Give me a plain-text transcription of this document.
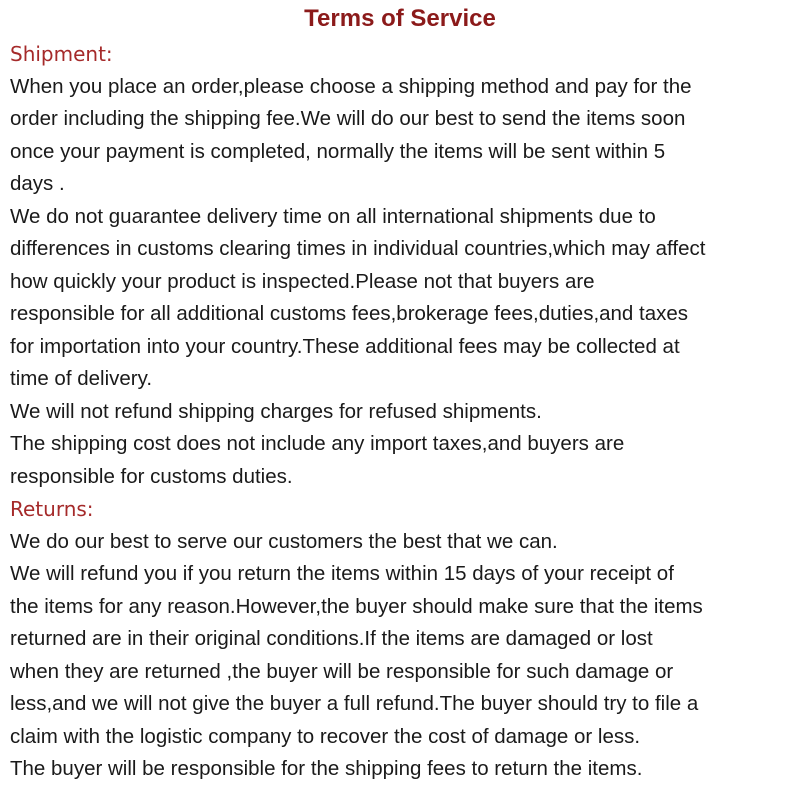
Terms of Service
Shipment:
When you place an order,please choose a shipping method and pay for the
order including the shipping fee.We will do our best to send the items soon
once your payment is completed, normally the items will be sent within 5
days .
We do not guarantee delivery time on all international shipments due to
differences in customs clearing times in individual countries,which may affect
how quickly your product is inspected.Please not that buyers are
responsible for all additional customs fees,brokerage fees,duties,and taxes
for importation into your country.These additional fees may be collected at
time of delivery.
We will not refund shipping charges for refused shipments.
The shipping cost does not include any import taxes,and buyers are
responsible for customs duties.
Returns:
We do our best to serve our customers the best that we can.
We will refund you if you return the items within 15 days of your receipt of
the items for any reason.However,the buyer should make sure that the items
returned are in their original conditions.If the items are damaged or lost
when they are returned ,the buyer will be responsible for such damage or
less,and we will not give the buyer a full refund.The buyer should try to file a
claim with the logistic company to recover the cost of damage or less.
The buyer will be responsible for the shipping fees to return the items.
